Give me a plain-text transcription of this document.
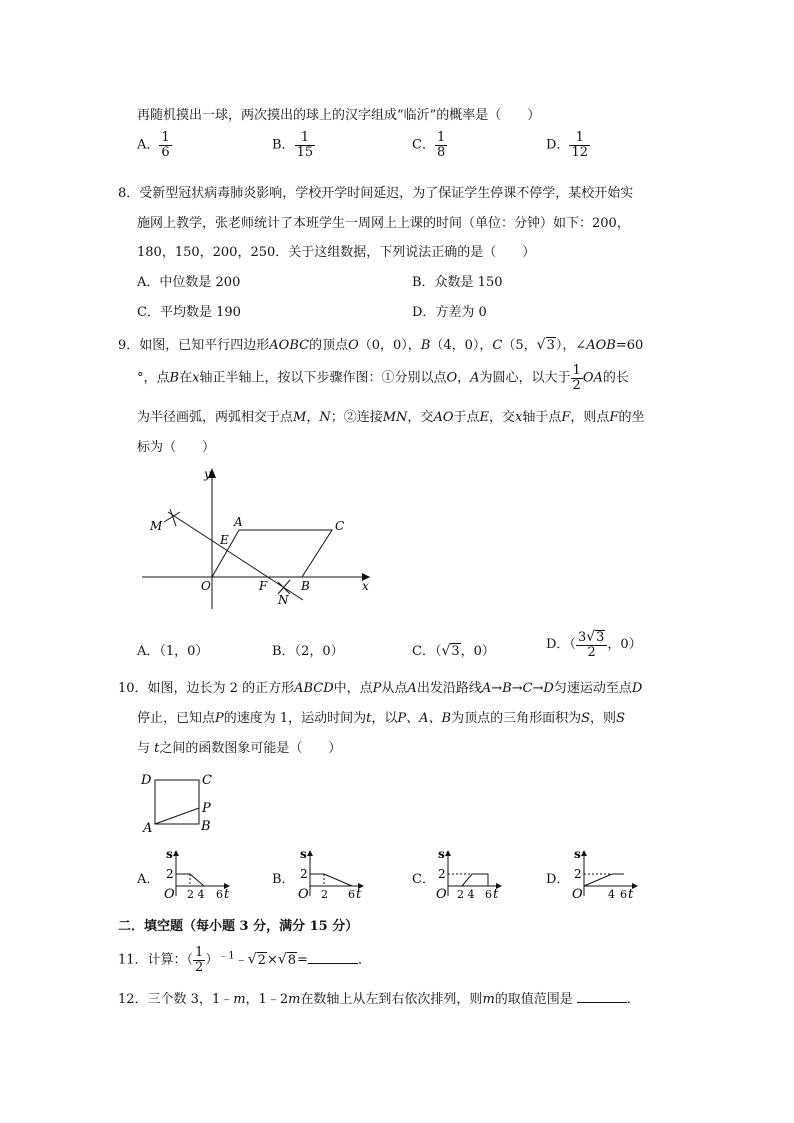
再随机摸出一球，两次摸出的球上的汉字组成“临沂”的概率是（　　）
A． $\frac{1}{6}$	B． $\frac{1}{15}$	C． $\frac{1}{8}$	D． $\frac{1}{12}$
8．受新型冠状病毒肺炎影响，学校开学时间延迟，为了保证学生停课不停学，某校开始实
施网上教学，张老师统计了本班学生一周网上上课的时间（单位：分钟）如下：200，
180，150，200，250．关于这组数据，下列说法正确的是（　　）
A．中位数是 200	B．众数是 150
C．平均数是 190	D．方差为 0
9．如图，已知平行四边形AOBC的顶点O（0，0），B（4，0），C（5，√3），∠AOB=60
°，点B在x轴正半轴上，按以下步骤作图：①分别以点O，A为圆心，以大于 $\frac{1}{2}$ OA的长
为半径画弧，两弧相交于点M，N；②连接MN，交AO于点E，交x轴于点F，则点F的坐
标为（　　）
y
x
M	A	C
E
O	F	B
N
A．（1，0）	B．（2，0）	C．（√3，0）	D．（ $\frac{3√3}{2}$ ，0）
10．如图，边长为 2 的正方形ABCD中，点P从点A出发沿路线A→B→C→D匀速运动至点D
停止，已知点P的速度为 1，运动时间为t，以P、A、B为顶点的三角形面积为S，则S
与 t之间的函数图象可能是（　　）
D	C
P
A	B
A．
s
2
O 2 4 6 t
B．
s
2
O 2 6 t
C．
s
2
O 2 4 6 t
D．
s
2
O 4 6 t
二．填空题（每小题 3 分，满分 15 分）
11．计算：（ $\frac{1}{2}$ ）$^{﹣1}$﹣√2×√8=	．
12．三个数 3，1﹣m，1﹣2m在数轴上从左到右依次排列，则m的取值范围是	．
